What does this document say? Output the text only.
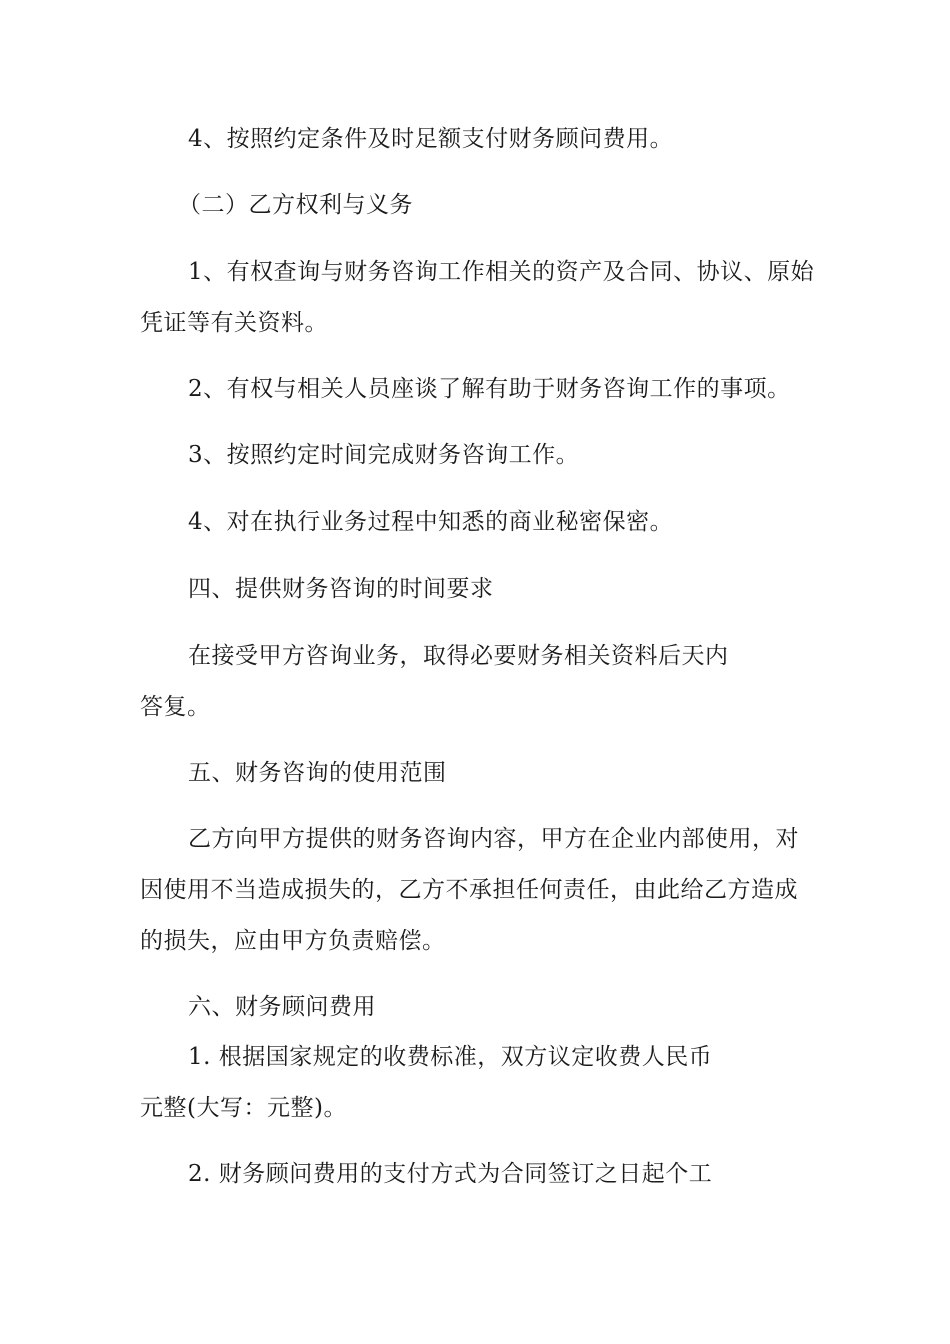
4、按照约定条件及时足额支付财务顾问费用。

（二）乙方权利与义务

1、有权查询与财务咨询工作相关的资产及合同、协议、原始

凭证等有关资料。

2、有权与相关人员座谈了解有助于财务咨询工作的事项。

3、按照约定时间完成财务咨询工作。

4、对在执行业务过程中知悉的商业秘密保密。

四、提供财务咨询的时间要求

在接受甲方咨询业务，取得必要财务相关资料后天内

答复。

五、财务咨询的使用范围

乙方向甲方提供的财务咨询内容，甲方在企业内部使用，对

因使用不当造成损失的，乙方不承担任何责任，由此给乙方造成

的损失，应由甲方负责赔偿。

六、财务顾问费用

1. 根据国家规定的收费标准，双方议定收费人民币

元整(大写：元整)。

2. 财务顾问费用的支付方式为合同签订之日起个工
